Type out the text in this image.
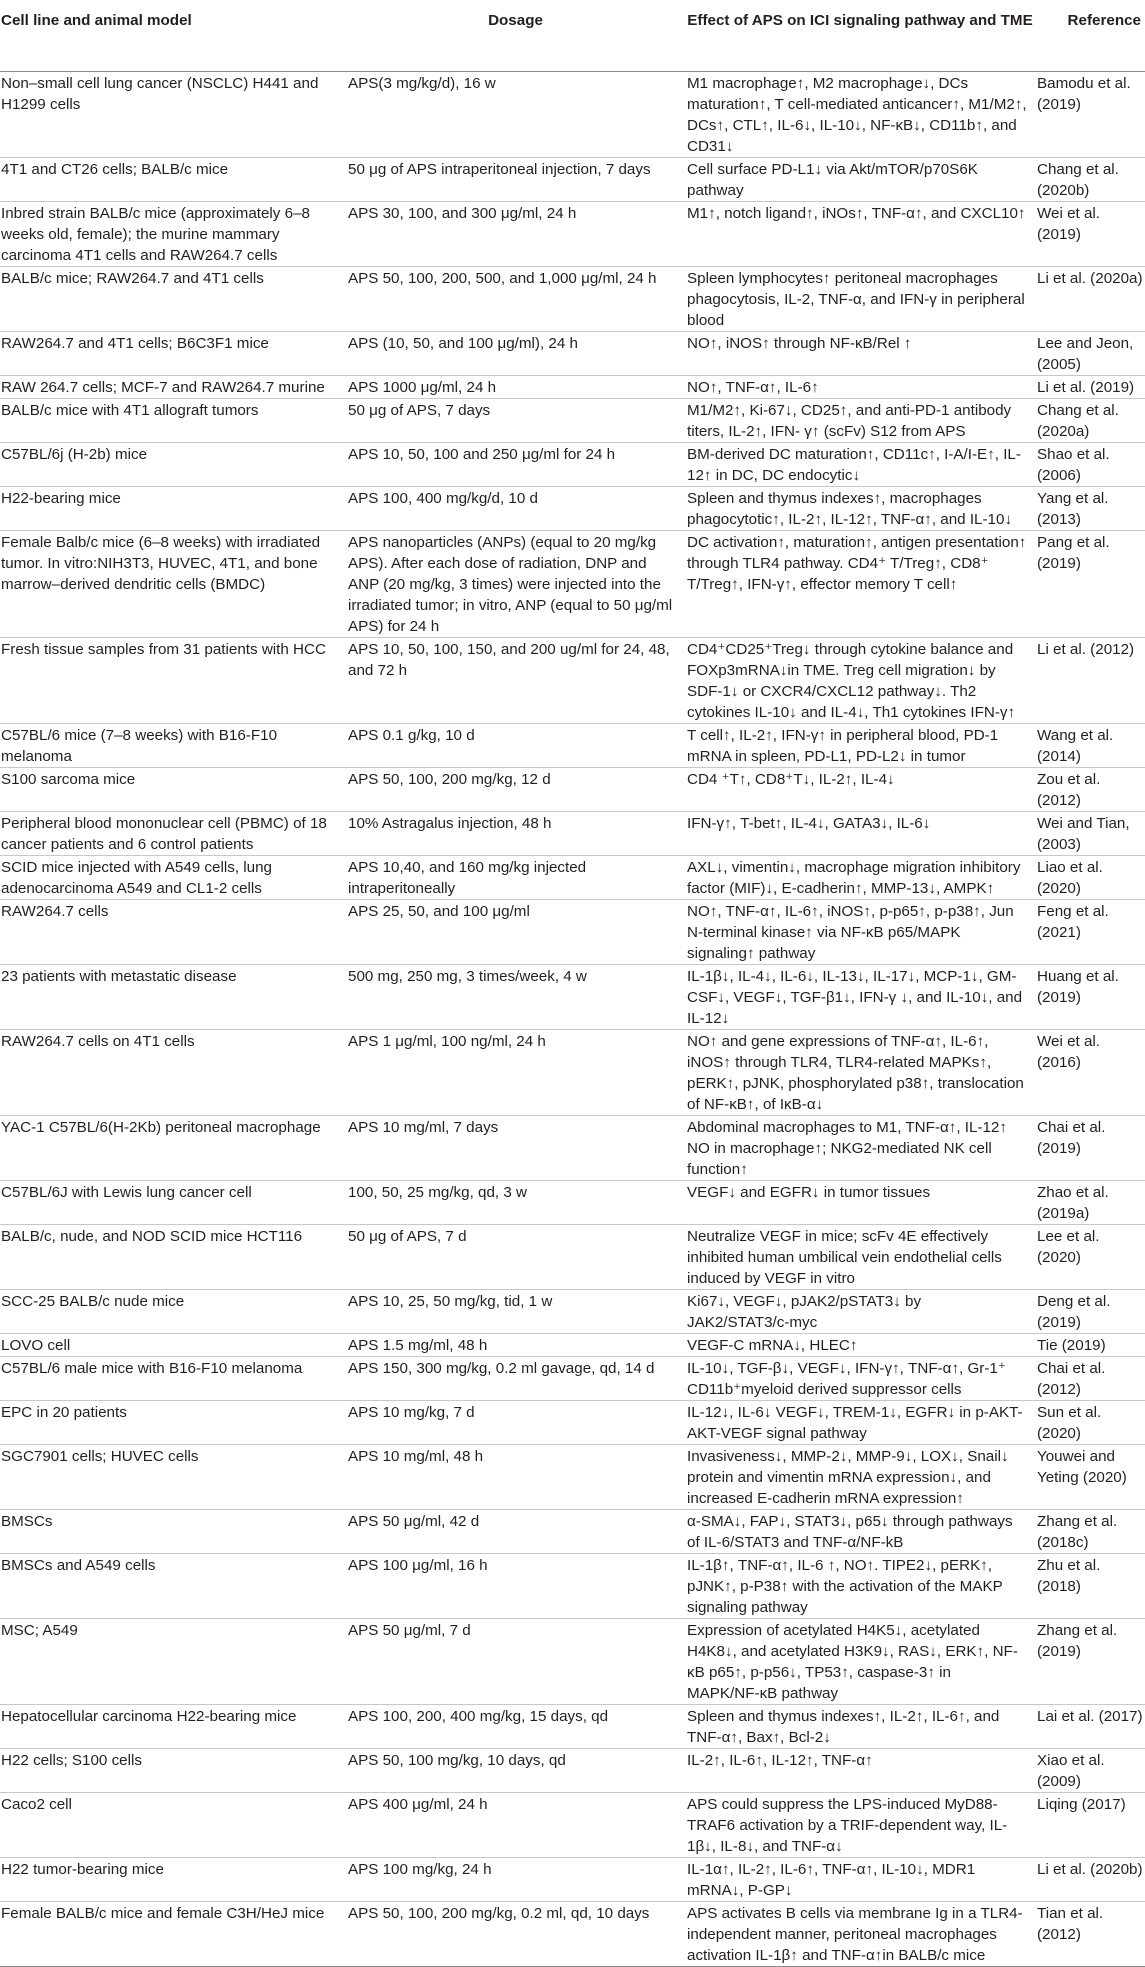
Cell line and animal model	Dosage	Effect of APS on ICI signaling pathway and TME	Reference
Non–small cell lung cancer (NSCLC) H441 and H1299 cells	APS(3 mg/kg/d), 16 w	M1 macrophage↑, M2 macrophage↓, DCs maturation↑, T cell-mediated anticancer↑, M1/M2↑, DCs↑, CTL↑, IL-6↓, IL-10↓, NF-κB↓, CD11b↑, and CD31↓	Bamodu et al. (2019)
4T1 and CT26 cells; BALB/c mice	50 μg of APS intraperitoneal injection, 7 days	Cell surface PD-L1↓ via Akt/mTOR/p70S6K pathway	Chang et al. (2020b)
Inbred strain BALB/c mice (approximately 6–8 weeks old, female); the murine mammary carcinoma 4T1 cells and RAW264.7 cells	APS 30, 100, and 300 μg/ml, 24 h	M1↑, notch ligand↑, iNOs↑, TNF-α↑, and CXCL10↑	Wei et al. (2019)
BALB/c mice; RAW264.7 and 4T1 cells	APS 50, 100, 200, 500, and 1,000 μg/ml, 24 h	Spleen lymphocytes↑ peritoneal macrophages phagocytosis, IL-2, TNF-α, and IFN-γ in peripheral blood	Li et al. (2020a)
RAW264.7 and 4T1 cells; B6C3F1 mice	APS (10, 50, and 100 μg/ml), 24 h	NO↑, iNOS↑ through NF-κB/Rel ↑	Lee and Jeon, (2005)
RAW 264.7 cells; MCF-7 and RAW264.7 murine	APS 1000 μg/ml, 24 h	NO↑, TNF-α↑, IL-6↑	Li et al. (2019)
BALB/c mice with 4T1 allograft tumors	50 μg of APS, 7 days	M1/M2↑, Ki-67↓, CD25↑, and anti-PD-1 antibody titers, IL-2↑, IFN- γ↑ (scFv) S12 from APS	Chang et al. (2020a)
C57BL/6j (H-2b) mice	APS 10, 50, 100 and 250 μg/ml for 24 h	BM-derived DC maturation↑, CD11c↑, I-A/I-E↑, IL-12↑ in DC, DC endocytic↓	Shao et al. (2006)
H22-bearing mice	APS 100, 400 mg/kg/d, 10 d	Spleen and thymus indexes↑, macrophages phagocytotic↑, IL-2↑, IL-12↑, TNF-α↑, and IL-10↓	Yang et al. (2013)
Female Balb/c mice (6–8 weeks) with irradiated tumor. In vitro:NIH3T3, HUVEC, 4T1, and bone marrow–derived dendritic cells (BMDC)	APS nanoparticles (ANPs) (equal to 20 mg/kg APS). After each dose of radiation, DNP and ANP (20 mg/kg, 3 times) were injected into the irradiated tumor; in vitro, ANP (equal to 50 μg/ml APS) for 24 h	DC activation↑, maturation↑, antigen presentation↑ through TLR4 pathway. CD4⁺ T/Treg↑, CD8⁺ T/Treg↑, IFN-γ↑, effector memory T cell↑	Pang et al. (2019)
Fresh tissue samples from 31 patients with HCC	APS 10, 50, 100, 150, and 200 ug/ml for 24, 48, and 72 h	CD4⁺CD25⁺Treg↓ through cytokine balance and FOXp3mRNA↓in TME. Treg cell migration↓ by SDF-1↓ or CXCR4/CXCL12 pathway↓. Th2 cytokines IL-10↓ and IL-4↓, Th1 cytokines IFN-γ↑	Li et al. (2012)
C57BL/6 mice (7–8 weeks) with B16-F10 melanoma	APS 0.1 g/kg, 10 d	T cell↑, IL-2↑, IFN-γ↑ in peripheral blood, PD-1 mRNA in spleen, PD-L1, PD-L2↓ in tumor	Wang et al. (2014)
S100 sarcoma mice	APS 50, 100, 200 mg/kg, 12 d	CD4 ⁺T↑, CD8⁺T↓, IL-2↑, IL-4↓	Zou et al. (2012)
Peripheral blood mononuclear cell (PBMC) of 18 cancer patients and 6 control patients	10% Astragalus injection, 48 h	IFN-γ↑, T-bet↑, IL-4↓, GATA3↓, IL-6↓	Wei and Tian, (2003)
SCID mice injected with A549 cells, lung adenocarcinoma A549 and CL1-2 cells	APS 10,40, and 160 mg/kg injected intraperitoneally	AXL↓, vimentin↓, macrophage migration inhibitory factor (MIF)↓, E-cadherin↑, MMP-13↓, AMPK↑	Liao et al. (2020)
RAW264.7 cells	APS 25, 50, and 100 μg/ml	NO↑, TNF-α↑, IL-6↑, iNOS↑, p-p65↑, p-p38↑, Jun N-terminal kinase↑ via NF-κB p65/MAPK signaling↑ pathway	Feng et al. (2021)
23 patients with metastatic disease	500 mg, 250 mg, 3 times/week, 4 w	IL-1β↓, IL-4↓, IL-6↓, IL-13↓, IL-17↓, MCP-1↓, GM-CSF↓, VEGF↓, TGF-β1↓, IFN-γ ↓, and IL-10↓, and IL-12↓	Huang et al. (2019)
RAW264.7 cells on 4T1 cells	APS 1 μg/ml, 100 ng/ml, 24 h	NO↑ and gene expressions of TNF-α↑, IL-6↑, iNOS↑ through TLR4, TLR4-related MAPKs↑, pERK↑, pJNK, phosphorylated p38↑, translocation of NF-κB↑, of IκB-α↓	Wei et al. (2016)
YAC-1 C57BL/6(H-2Kb) peritoneal macrophage	APS 10 mg/ml, 7 days	Abdominal macrophages to M1, TNF-α↑, IL-12↑ NO in macrophage↑; NKG2-mediated NK cell function↑	Chai et al. (2019)
C57BL/6J with Lewis lung cancer cell	100, 50, 25 mg/kg, qd, 3 w	VEGF↓ and EGFR↓ in tumor tissues	Zhao et al. (2019a)
BALB/c, nude, and NOD SCID mice HCT116	50 μg of APS, 7 d	Neutralize VEGF in mice; scFv 4E effectively inhibited human umbilical vein endothelial cells induced by VEGF in vitro	Lee et al. (2020)
SCC-25 BALB/c nude mice	APS 10, 25, 50 mg/kg, tid, 1 w	Ki67↓, VEGF↓, pJAK2/pSTAT3↓ by JAK2/STAT3/c-myc	Deng et al. (2019)
LOVO cell	APS 1.5 mg/ml, 48 h	VEGF-C mRNA↓, HLEC↑	Tie (2019)
C57BL/6 male mice with B16-F10 melanoma	APS 150, 300 mg/kg, 0.2 ml gavage, qd, 14 d	IL-10↓, TGF-β↓, VEGF↓, IFN-γ↑, TNF-α↑, Gr-1⁺ CD11b⁺myeloid derived suppressor cells	Chai et al. (2012)
EPC in 20 patients	APS 10 mg/kg, 7 d	IL-12↓, IL-6↓ VEGF↓, TREM-1↓, EGFR↓ in p-AKT-AKT-VEGF signal pathway	Sun et al. (2020)
SGC7901 cells; HUVEC cells	APS 10 mg/ml, 48 h	Invasiveness↓, MMP-2↓, MMP-9↓, LOX↓, Snail↓ protein and vimentin mRNA expression↓, and increased E-cadherin mRNA expression↑	Youwei and Yeting (2020)
BMSCs	APS 50 μg/ml, 42 d	α-SMA↓, FAP↓, STAT3↓, p65↓ through pathways of IL-6/STAT3 and TNF-α/NF-kB	Zhang et al. (2018c)
BMSCs and A549 cells	APS 100 μg/ml, 16 h	IL-1β↑, TNF-α↑, IL-6 ↑, NO↑. TIPE2↓, pERK↑, pJNK↑, p-P38↑ with the activation of the MAKP signaling pathway	Zhu et al. (2018)
MSC; A549	APS 50 μg/ml, 7 d	Expression of acetylated H4K5↓, acetylated H4K8↓, and acetylated H3K9↓, RAS↓, ERK↑, NF-κB p65↑, p-p56↓, TP53↑, caspase-3↑ in MAPK/NF-κB pathway	Zhang et al. (2019)
Hepatocellular carcinoma H22-bearing mice	APS 100, 200, 400 mg/kg, 15 days, qd	Spleen and thymus indexes↑, IL-2↑, IL-6↑, and TNF-α↑, Bax↑, Bcl-2↓	Lai et al. (2017)
H22 cells; S100 cells	APS 50, 100 mg/kg, 10 days, qd	IL-2↑, IL-6↑, IL-12↑, TNF-α↑	Xiao et al. (2009)
Caco2 cell	APS 400 μg/ml, 24 h	APS could suppress the LPS-induced MyD88-TRAF6 activation by a TRIF-dependent way, IL-1β↓, IL-8↓, and TNF-α↓	Liqing (2017)
H22 tumor-bearing mice	APS 100 mg/kg, 24 h	IL-1α↑, IL-2↑, IL-6↑, TNF-α↑, IL-10↓, MDR1 mRNA↓, P-GP↓	Li et al. (2020b)
Female BALB/c mice and female C3H/HeJ mice	APS 50, 100, 200 mg/kg, 0.2 ml, qd, 10 days	APS activates B cells via membrane Ig in a TLR4-independent manner, peritoneal macrophages activation IL-1β↑ and TNF-α↑in BALB/c mice	Tian et al. (2012)
